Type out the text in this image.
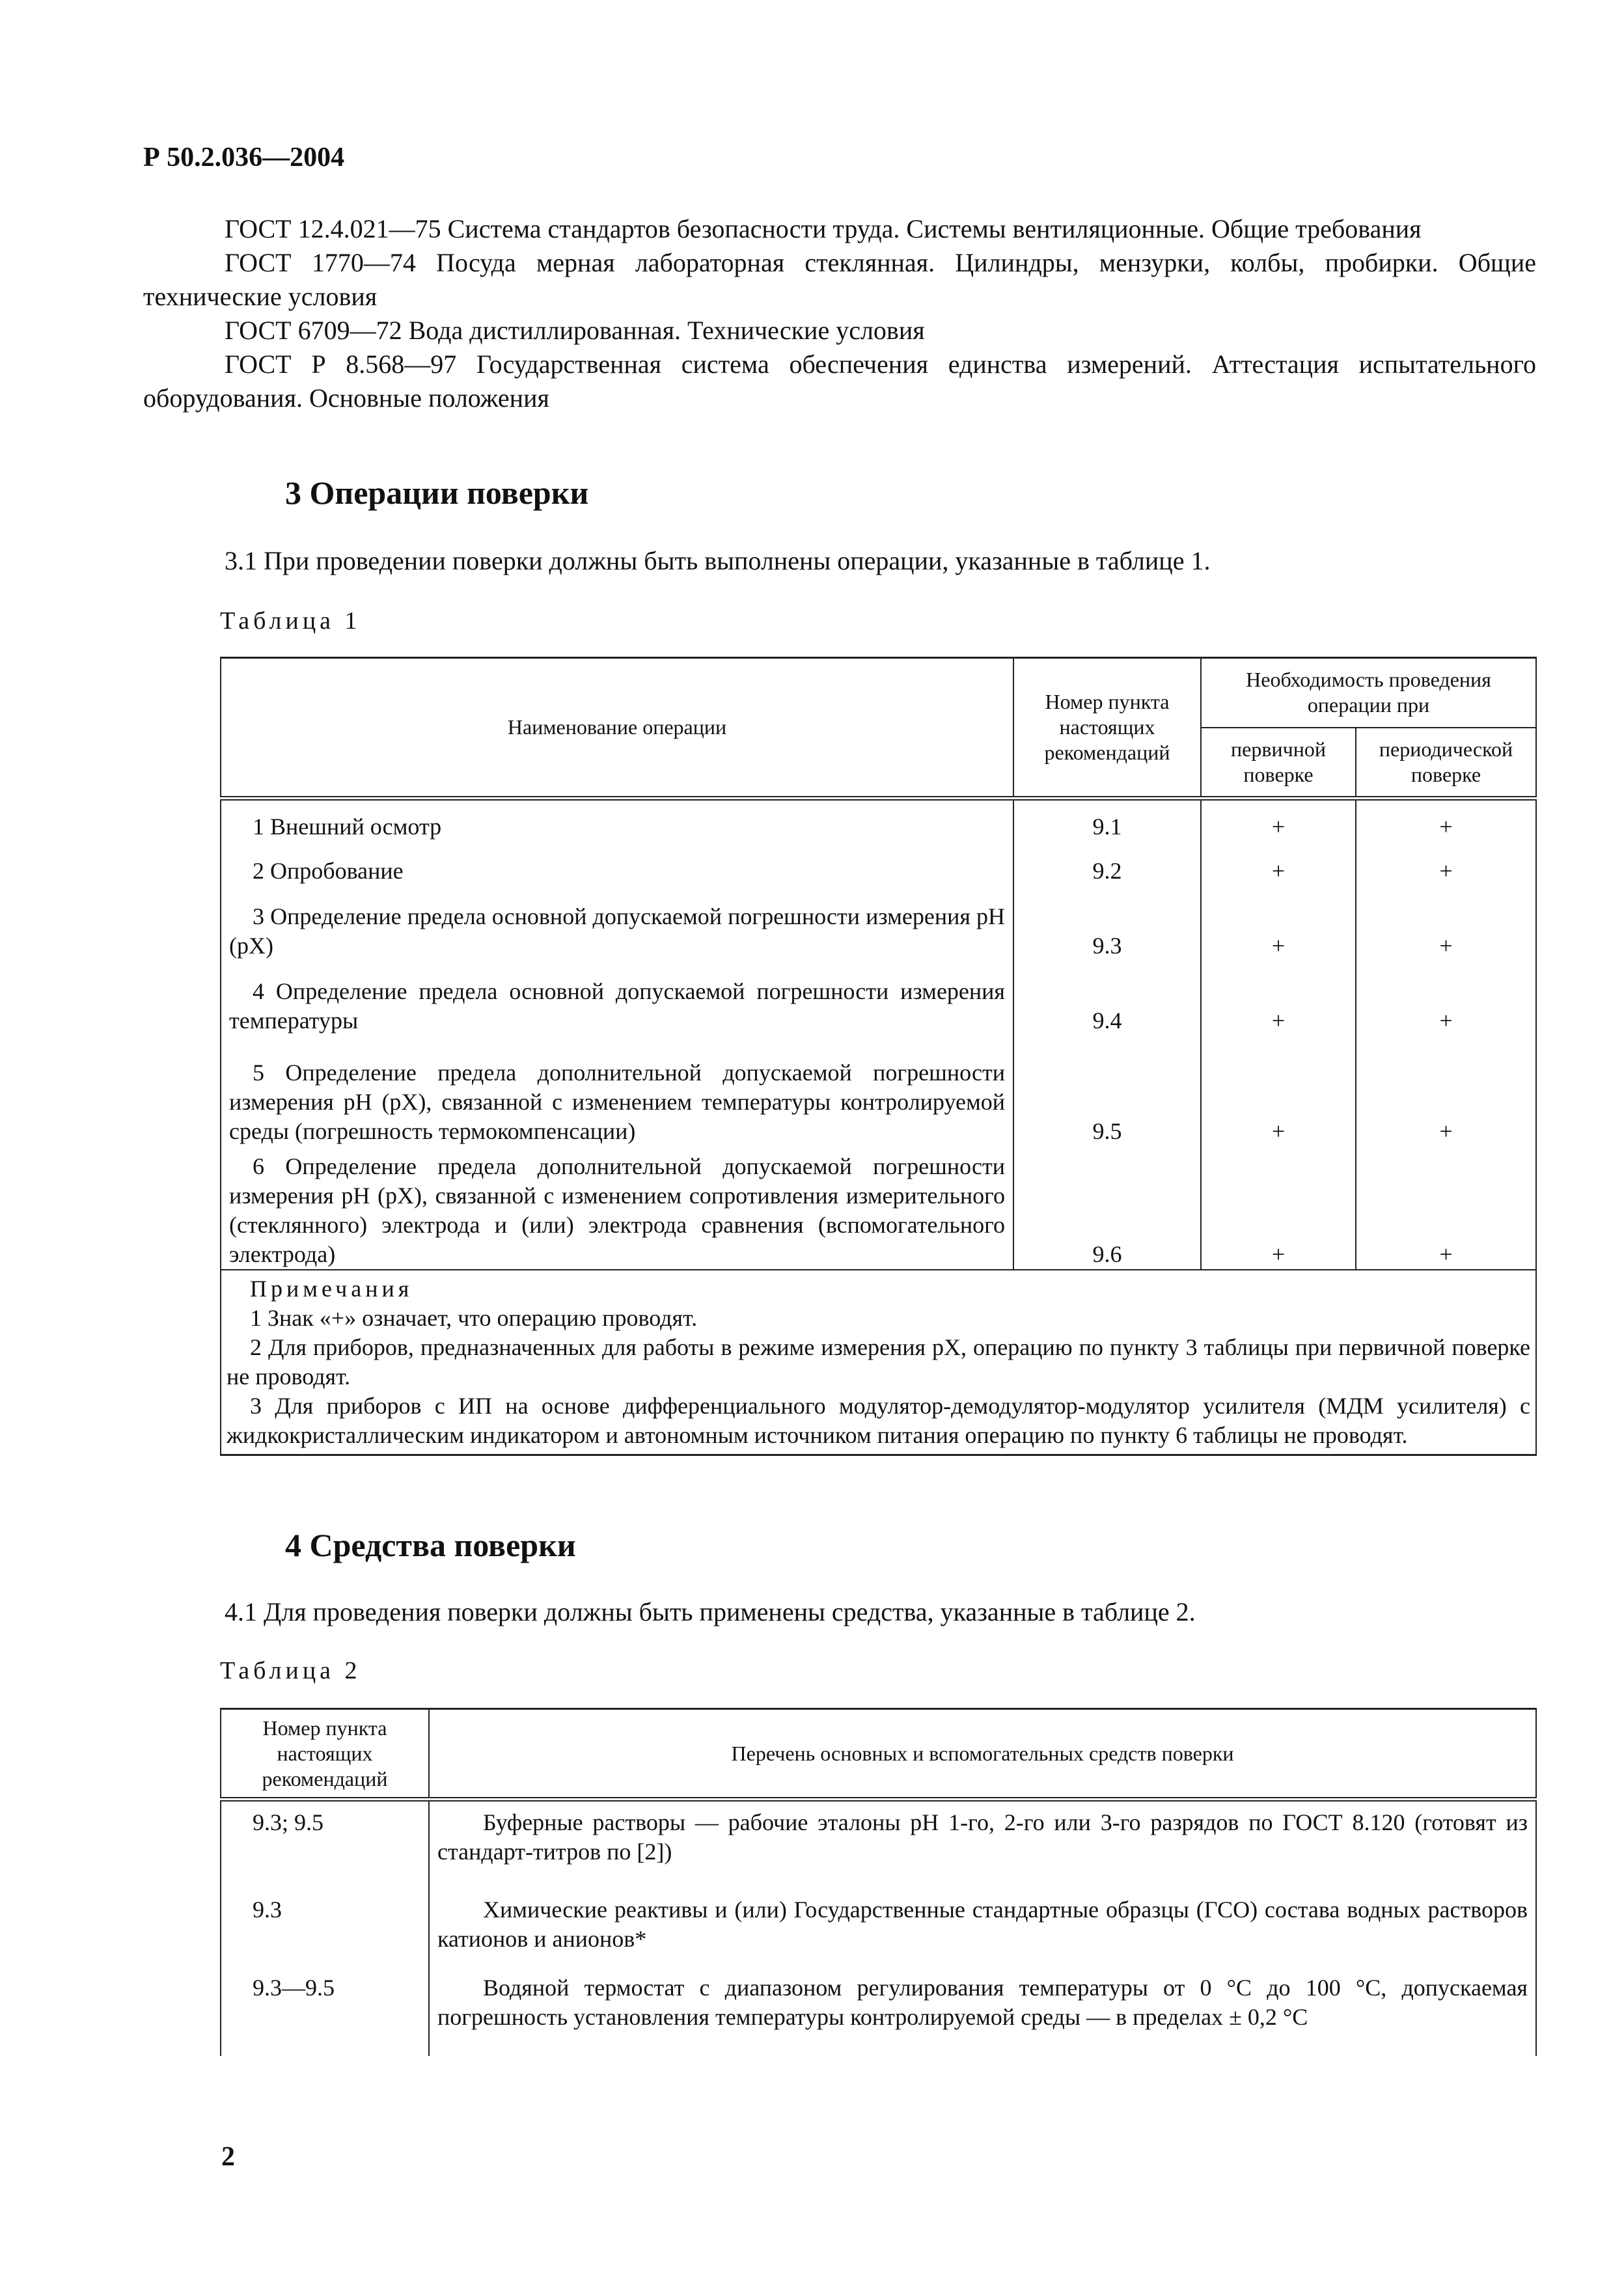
Р 50.2.036—2004

ГОСТ 12.4.021—75 Система стандартов безопасности труда. Системы вентиляционные. Общие требования

ГОСТ 1770—74 Посуда мерная лабораторная стеклянная. Цилиндры, мензурки, колбы, пробирки. Общие технические условия

ГОСТ 6709—72 Вода дистиллированная. Технические условия

ГОСТ Р 8.568—97 Государственная система обеспечения единства измерений. Аттестация испытательного оборудования. Основные положения

3 Операции поверки

3.1 При проведении поверки должны быть выполнены операции, указанные в таблице 1.

Таблица 1
Наименование операции	Номер пункта настоящих рекомендаций	Необходимость проведения операции при	
		первичной поверке	периодической поверке
1 Внешний осмотр	9.1	+	+
2 Опробование	9.2	+	+
3 Определение предела основной допускаемой погрешности измерения pH (pX)	9.3	+	+
4 Определение предела основной допускаемой погрешности измерения температуры	9.4	+	+
5 Определение предела дополнительной допускаемой погрешности измерения pH (pX), связанной с изменением температуры контролируемой среды (погрешность термокомпенсации)	9.5	+	+
6 Определение предела дополнительной допускаемой погрешности измерения pH (pX), связанной с изменением сопротивления измерительного (стеклянного) электрода и (или) электрода сравнения (вспомогательного электрода)	9.6	+	+

Примечания
1 Знак «+» означает, что операцию проводят.
2 Для приборов, предназначенных для работы в режиме измерения pX, операцию по пункту 3 таблицы при первичной поверке не проводят.
3 Для приборов с ИП на основе дифференциального модулятор-демодулятор-модулятор усилителя (МДМ усилителя) с жидкокристаллическим индикатором и автономным источником питания операцию по пункту 6 таблицы не проводят.			
4 Средства поверки

4.1 Для проведения поверки должны быть применены средства, указанные в таблице 2.

Таблица 2
Номер пункта настоящих рекомендаций	Перечень основных и вспомогательных средств поверки
9.3; 9.5	Буферные растворы — рабочие эталоны pH 1-го, 2-го или 3-го разрядов по ГОСТ 8.120 (готовят из стандарт-титров по [2])
9.3	Химические реактивы и (или) Государственные стандартные образцы (ГСО) состава водных растворов катионов и анионов*
9.3—9.5	Водяной термостат с диапазоном регулирования температуры от 0 °С до 100 °С, допускаемая погрешность установления температуры контролируемой среды — в пределах ± 0,2 °С
2
